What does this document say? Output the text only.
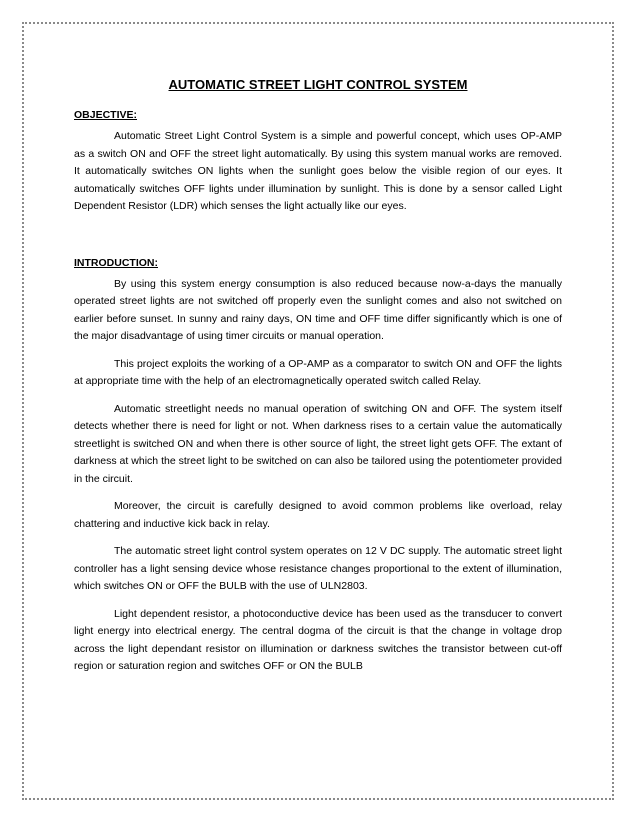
AUTOMATIC STREET LIGHT CONTROL SYSTEM
OBJECTIVE:

Automatic Street Light Control System is a simple and powerful concept, which uses OP-AMP as a switch ON and OFF the street light automatically. By using this system manual works are removed. It automatically switches ON lights when the sunlight goes below the visible region of our eyes. It automatically switches OFF lights under illumination by sunlight. This is done by a sensor called Light Dependent Resistor (LDR) which senses the light actually like our eyes.

INTRODUCTION:

By using this system energy consumption is also reduced because now-a-days the manually operated street lights are not switched off properly even the sunlight comes and also not switched on earlier before sunset. In sunny and rainy days, ON time and OFF time differ significantly which is one of the major disadvantage of using timer circuits or manual operation.

This project exploits the working of a OP-AMP as a comparator to switch ON and OFF the lights at appropriate time with the help of an electromagnetically operated switch called Relay.

Automatic streetlight needs no manual operation of switching ON and OFF. The system itself detects whether there is need for light or not. When darkness rises to a certain value the automatically streetlight is switched ON and when there is other source of light, the street light gets OFF. The extant of darkness at which the street light to be switched on can also be tailored using the potentiometer provided in the circuit.

Moreover, the circuit is carefully designed to avoid common problems like overload, relay chattering and inductive kick back in relay.

The automatic street light control system operates on 12 V DC supply. The automatic street light controller has a light sensing device whose resistance changes proportional to the extent of illumination, which switches ON or OFF the BULB with the use of ULN2803.

Light dependent resistor, a photoconductive device has been used as the transducer to convert light energy into electrical energy. The central dogma of the circuit is that the change in voltage drop across the light dependant resistor on illumination or darkness switches the transistor between cut-off region or saturation region and switches OFF or ON the BULB
